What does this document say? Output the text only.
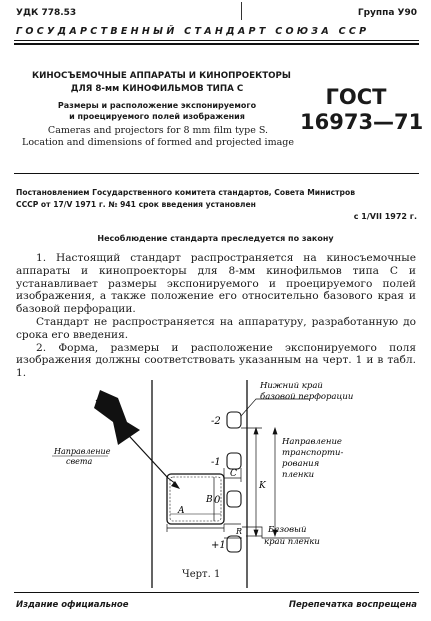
УДК 778.53	Группа У90
ГОСУДАРСТВЕННЫЙ СТАНДАРТ СОЮЗА ССР
КИНОСЪЕМОЧНЫЕ АППАРАТЫ И КИНОПРОЕКТОРЫ
ДЛЯ 8-мм КИНОФИЛЬМОВ ТИПА С
Размеры и расположение экспонируемого
и проецируемого полей изображения
Cameras and projectors for 8 mm film type S.
Location and dimensions of formed and projected image
ГОСТ
16973—71
Постановлением Государственного комитета стандартов, Совета Министров
СССР от 17/V 1971 г. № 941 срок введения установлен
с 1/VII 1972 г.
Несоблюдение стандарта преследуется по закону

1. Настоящий стандарт распространяется на киносъемочные аппараты и кинопроекторы для 8-мм кинофильмов типа С и устанавливает размеры экспонируемого и проецируемого полей изображения, а также положение его относительно базового края и базовой перфорации.

Стандарт не распространяется на аппаратуру, разработанную до срока его введения.

2. Форма, размеры и расположение экспонируемого поля изображения должны соответствовать указанным на черт. 1 и в табл. 1.

-2
-1
0
+1
C
K
A
B
R
Нижний край
базовой перфорации
Направление
транспорти-
рования
пленки
Базовый
край пленки
Направление
света
Черт. 1
Издание официальное	Перепечатка воспрещена
